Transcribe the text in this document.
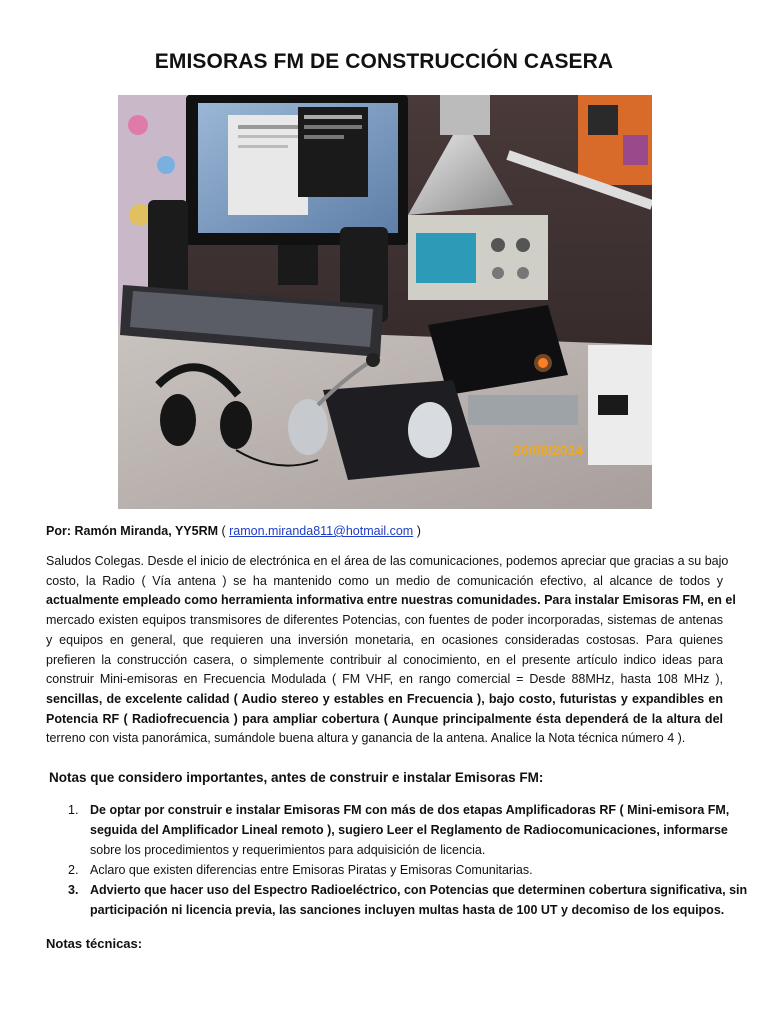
EMISORAS FM DE CONSTRUCCIÓN CASERA
26/08/2014
Por: Ramón Miranda, YY5RM ( ramon.miranda811@hotmail.com )

Saludos Colegas. Desde el inicio de electrónica en el área de las comunicaciones, podemos apreciar que gracias a su bajo
costo, la Radio ( Vía antena ) se ha mantenido como un medio de comunicación efectivo, al alcance de todos y
actualmente empleado como herramienta informativa entre nuestras comunidades. Para instalar Emisoras FM, en el
mercado existen equipos transmisores de diferentes Potencias, con fuentes de poder incorporadas, sistemas de antenas
y equipos en general, que requieren una inversión monetaria, en ocasiones consideradas costosas. Para quienes
prefieren la construcción casera, o simplemente contribuir al conocimiento, en el presente artículo indico ideas para
construir Mini-emisoras en Frecuencia Modulada ( FM VHF, en rango comercial = Desde 88MHz, hasta 108 MHz ),
sencillas, de excelente calidad ( Audio stereo y estables en Frecuencia ), bajo costo, futuristas y expandibles en
Potencia RF ( Radiofrecuencia ) para ampliar cobertura ( Aunque principalmente ésta dependerá de la altura del
terreno con vista panorámica, sumándole buena altura y ganancia de la antena. Analice la Nota técnica número 4 ).

Notas que considero importantes, antes de construir e instalar Emisoras FM:
1. De optar por construir e instalar Emisoras FM con más de dos etapas Amplificadoras RF ( Mini-emisora FM,
seguida del Amplificador Lineal remoto ), sugiero Leer el Reglamento de Radiocomunicaciones, informarse
sobre los procedimientos y requerimientos para adquisición de licencia.
2. Aclaro que existen diferencias entre Emisoras Piratas y Emisoras Comunitarias.
3. Advierto que hacer uso del Espectro Radioeléctrico, con Potencias que determinen cobertura significativa, sin
participación ni licencia previa, las sanciones incluyen multas hasta de 100 UT y decomiso de los equipos.
Notas técnicas:
